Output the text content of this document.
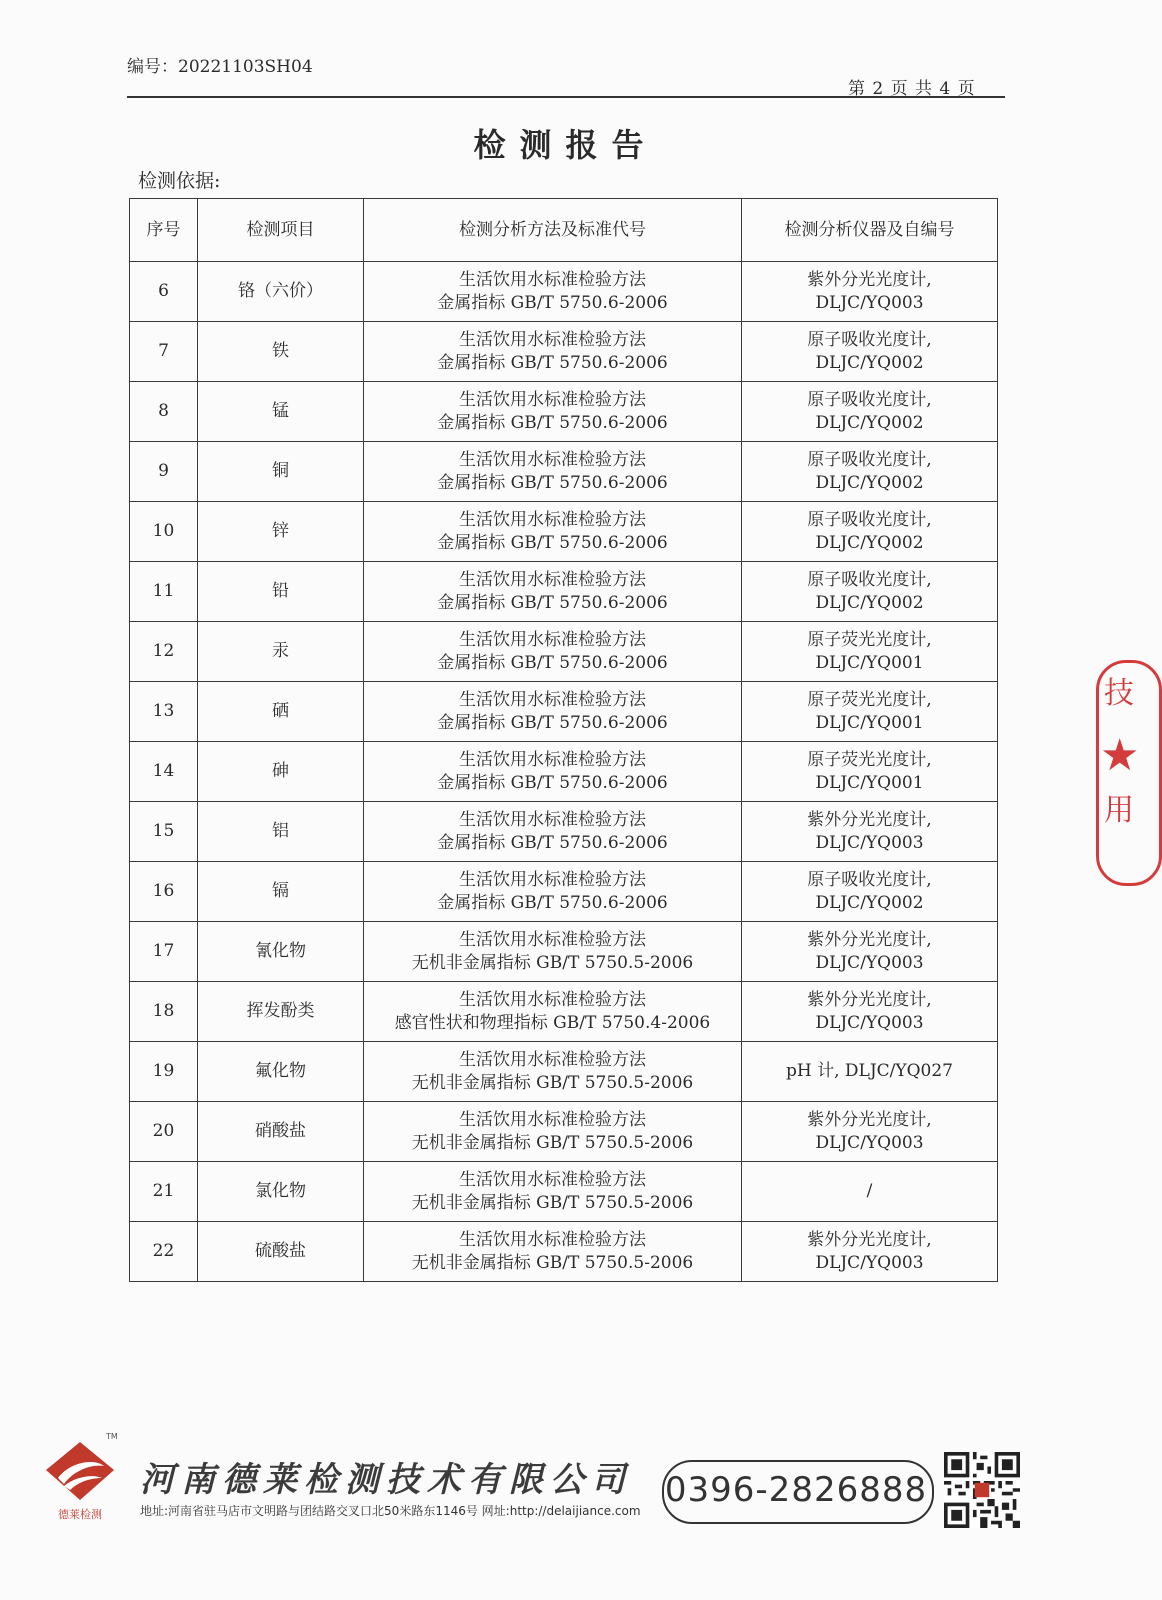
编号：20221103SH04
第 2 页 共 4 页
检测报告
检测依据:
序号	检测项目	检测分析方法及标准代号	检测分析仪器及自编号
6	铬（六价）	生活饮用水标准检验方法
金属指标 GB/T 5750.6-2006	紫外分光光度计,
DLJC/YQ003

7	铁	生活饮用水标准检验方法
金属指标 GB/T 5750.6-2006	原子吸收光度计,
DLJC/YQ002

8	锰	生活饮用水标准检验方法
金属指标 GB/T 5750.6-2006	原子吸收光度计,
DLJC/YQ002

9	铜	生活饮用水标准检验方法
金属指标 GB/T 5750.6-2006	原子吸收光度计,
DLJC/YQ002

10	锌	生活饮用水标准检验方法
金属指标 GB/T 5750.6-2006	原子吸收光度计,
DLJC/YQ002

11	铅	生活饮用水标准检验方法
金属指标 GB/T 5750.6-2006	原子吸收光度计,
DLJC/YQ002

12	汞	生活饮用水标准检验方法
金属指标 GB/T 5750.6-2006	原子荧光光度计,
DLJC/YQ001

13	硒	生活饮用水标准检验方法
金属指标 GB/T 5750.6-2006	原子荧光光度计,
DLJC/YQ001

14	砷	生活饮用水标准检验方法
金属指标 GB/T 5750.6-2006	原子荧光光度计,
DLJC/YQ001

15	铝	生活饮用水标准检验方法
金属指标 GB/T 5750.6-2006	紫外分光光度计,
DLJC/YQ003

16	镉	生活饮用水标准检验方法
金属指标 GB/T 5750.6-2006	原子吸收光度计,
DLJC/YQ002

17	氰化物	生活饮用水标准检验方法
无机非金属指标 GB/T 5750.5-2006	紫外分光光度计,
DLJC/YQ003

18	挥发酚类	生活饮用水标准检验方法
感官性状和物理指标 GB/T 5750.4-2006	紫外分光光度计,
DLJC/YQ003

19	氟化物	生活饮用水标准检验方法
无机非金属指标 GB/T 5750.5-2006	pH 计, DLJC/YQ027

20	硝酸盐	生活饮用水标准检验方法
无机非金属指标 GB/T 5750.5-2006	紫外分光光度计,
DLJC/YQ003

21	氯化物	生活饮用水标准检验方法
无机非金属指标 GB/T 5750.5-2006	/

22	硫酸盐	生活饮用水标准检验方法
无机非金属指标 GB/T 5750.5-2006	紫外分光光度计,
DLJC/YQ003
技
★
用
TM
德莱检测
河南德莱检测技术有限公司
地址:河南省驻马店市文明路与团结路交叉口北50米路东1146号 网址:http://delaijiance.com
0396-2826888
